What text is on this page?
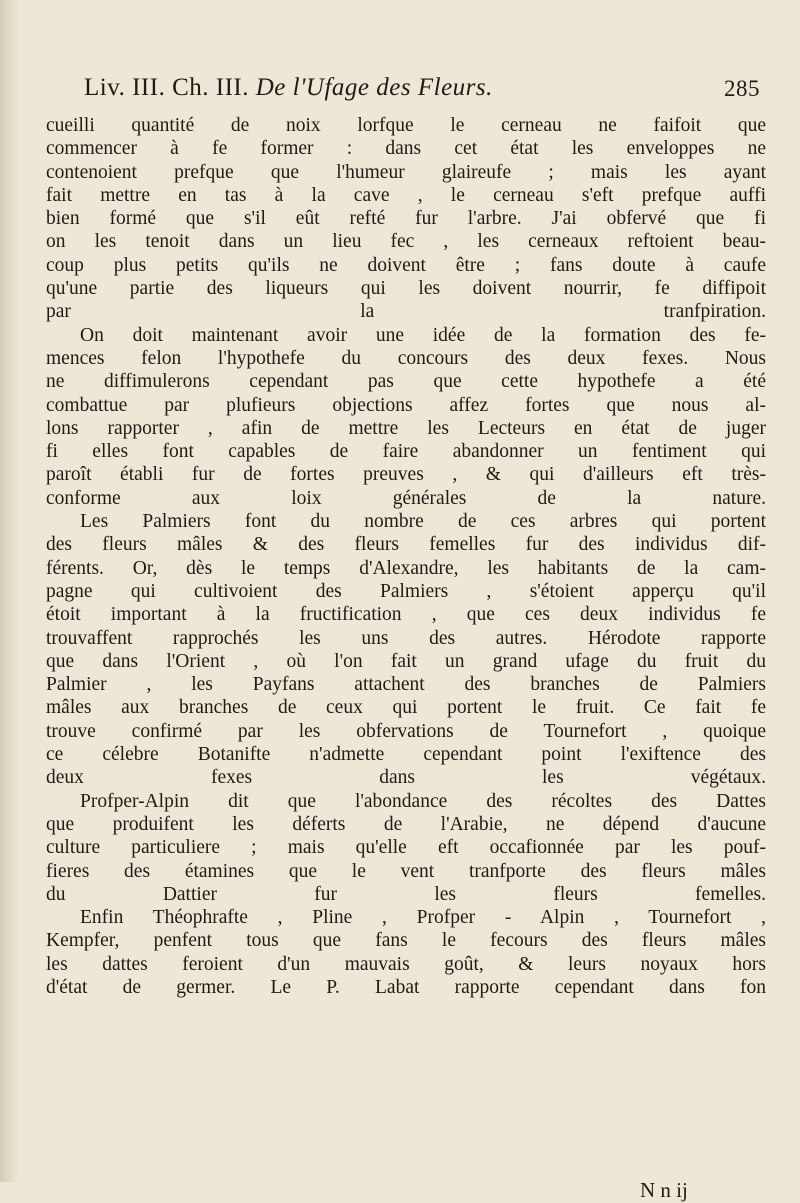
Liv. III. Ch. III. De l'Ufage des Fleurs.	285

cueilli quantité de noix lorfque le cerneau ne faifoit que
commencer à fe former : dans cet état les enveloppes ne
contenoient prefque que l'humeur glaireufe ; mais les ayant
fait mettre en tas à la cave , le cerneau s'eft prefque auffi
bien formé que s'il eût refté fur l'arbre. J'ai obfervé que fi
on les tenoit dans un lieu fec , les cerneaux reftoient beau-
coup plus petits qu'ils ne doivent être ; fans doute à caufe
qu'une partie des liqueurs qui les doivent nourrir, fe diffipoit
par la tranfpiration.

On doit maintenant avoir une idée de la formation des fe-
mences felon l'hypothefe du concours des deux fexes. Nous
ne diffimulerons cependant pas que cette hypothefe a été
combattue par plufieurs objections affez fortes que nous al-
lons rapporter , afin de mettre les Lecteurs en état de juger
fi elles font capables de faire abandonner un fentiment qui
paroît établi fur de fortes preuves , & qui d'ailleurs eft très-
conforme aux loix générales de la nature.

Les Palmiers font du nombre de ces arbres qui portent
des fleurs mâles & des fleurs femelles fur des individus dif-
férents. Or, dès le temps d'Alexandre, les habitants de la cam-
pagne qui cultivoient des Palmiers , s'étoient apperçu qu'il
étoit important à la fructification , que ces deux individus fe
trouvaffent rapprochés les uns des autres. Hérodote rapporte
que dans l'Orient , où l'on fait un grand ufage du fruit du
Palmier , les Payfans attachent des branches de Palmiers
mâles aux branches de ceux qui portent le fruit. Ce fait fe
trouve confirmé par les obfervations de Tournefort , quoique
ce célebre Botanifte n'admette cependant point l'exiftence des
deux fexes dans les végétaux.

Profper-Alpin dit que l'abondance des récoltes des Dattes
que produifent les déferts de l'Arabie, ne dépend d'aucune
culture particuliere ; mais qu'elle eft occafionnée par les pouf-
fieres des étamines que le vent tranfporte des fleurs mâles
du Dattier fur les fleurs femelles.

Enfin Théophrafte , Pline , Profper - Alpin , Tournefort ,
Kempfer, penfent tous que fans le fecours des fleurs mâles
les dattes feroient d'un mauvais goût, & leurs noyaux hors
d'état de germer. Le P. Labat rapporte cependant dans fon

N n ij
